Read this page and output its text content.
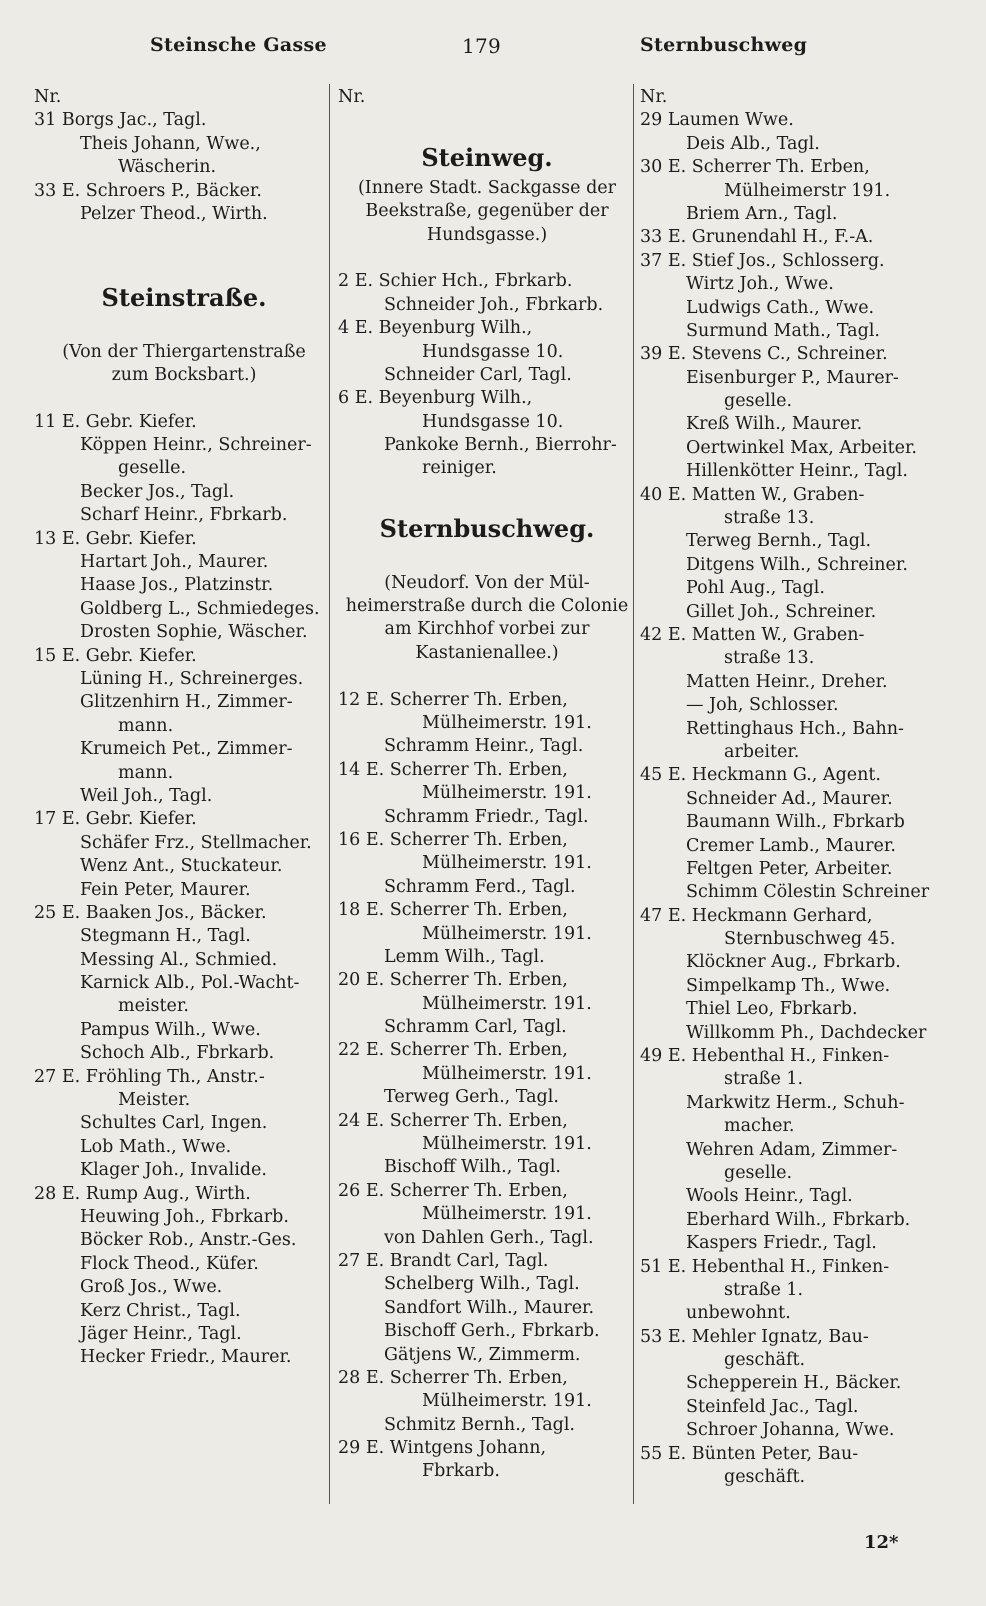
Steinsche Gasse	179	Sternbuschweg
Nr.
31 Borgs Jac., Tagl.
Theis Johann, Wwe.,
Wäscherin.
33 E. Schroers P., Bäcker.
Pelzer Theod., Wirth.
Steinstraße.
(Von der Thiergartenstraße
zum Bocksbart.)
11 E. Gebr. Kiefer.
Köppen Heinr., Schreiner-
geselle.
Becker Jos., Tagl.
Scharf Heinr., Fbrkarb.
13 E. Gebr. Kiefer.
Hartart Joh., Maurer.
Haase Jos., Platzinstr.
Goldberg L., Schmiedeges.
Drosten Sophie, Wäscher.
15 E. Gebr. Kiefer.
Lüning H., Schreinerges.
Glitzenhirn H., Zimmer-
mann.
Krumeich Pet., Zimmer-
mann.
Weil Joh., Tagl.
17 E. Gebr. Kiefer.
Schäfer Frz., Stellmacher.
Wenz Ant., Stuckateur.
Fein Peter, Maurer.
25 E. Baaken Jos., Bäcker.
Stegmann H., Tagl.
Messing Al., Schmied.
Karnick Alb., Pol.-Wacht-
meister.
Pampus Wilh., Wwe.
Schoch Alb., Fbrkarb.
27 E. Fröhling Th., Anstr.-
Meister.
Schultes Carl, Ingen.
Lob Math., Wwe.
Klager Joh., Invalide.
28 E. Rump Aug., Wirth.
Heuwing Joh., Fbrkarb.
Böcker Rob., Anstr.-Ges.
Flock Theod., Küfer.
Groß Jos., Wwe.
Kerz Christ., Tagl.
Jäger Heinr., Tagl.
Hecker Friedr., Maurer.
Nr.
Steinweg.
(Innere Stadt. Sackgasse der
Beekstraße, gegenüber der
Hundsgasse.)
2 E. Schier Hch., Fbrkarb.
Schneider Joh., Fbrkarb.
4 E. Beyenburg Wilh.,
Hundsgasse 10.
Schneider Carl, Tagl.
6 E. Beyenburg Wilh.,
Hundsgasse 10.
Pankoke Bernh., Bierrohr-
reiniger.
Sternbuschweg.
(Neudorf. Von der Mül-
heimerstraße durch die Colonie
am Kirchhof vorbei zur
Kastanienallee.)
12 E. Scherrer Th. Erben,
Mülheimerstr. 191.
Schramm Heinr., Tagl.
14 E. Scherrer Th. Erben,
Mülheimerstr. 191.
Schramm Friedr., Tagl.
16 E. Scherrer Th. Erben,
Mülheimerstr. 191.
Schramm Ferd., Tagl.
18 E. Scherrer Th. Erben,
Mülheimerstr. 191.
Lemm Wilh., Tagl.
20 E. Scherrer Th. Erben,
Mülheimerstr. 191.
Schramm Carl, Tagl.
22 E. Scherrer Th. Erben,
Mülheimerstr. 191.
Terweg Gerh., Tagl.
24 E. Scherrer Th. Erben,
Mülheimerstr. 191.
Bischoff Wilh., Tagl.
26 E. Scherrer Th. Erben,
Mülheimerstr. 191.
von Dahlen Gerh., Tagl.
27 E. Brandt Carl, Tagl.
Schelberg Wilh., Tagl.
Sandfort Wilh., Maurer.
Bischoff Gerh., Fbrkarb.
Gätjens W., Zimmerm.
28 E. Scherrer Th. Erben,
Mülheimerstr. 191.
Schmitz Bernh., Tagl.
29 E. Wintgens Johann,
Fbrkarb.
Nr.
29 Laumen Wwe.
Deis Alb., Tagl.
30 E. Scherrer Th. Erben,
Mülheimerstr 191.
Briem Arn., Tagl.
33 E. Grunendahl H., F.-A.
37 E. Stief Jos., Schlosserg.
Wirtz Joh., Wwe.
Ludwigs Cath., Wwe.
Surmund Math., Tagl.
39 E. Stevens C., Schreiner.
Eisenburger P., Maurer-
geselle.
Kreß Wilh., Maurer.
Oertwinkel Max, Arbeiter.
Hillenkötter Heinr., Tagl.
40 E. Matten W., Graben-
straße 13.
Terweg Bernh., Tagl.
Ditgens Wilh., Schreiner.
Pohl Aug., Tagl.
Gillet Joh., Schreiner.
42 E. Matten W., Graben-
straße 13.
Matten Heinr., Dreher.
— Joh, Schlosser.
Rettinghaus Hch., Bahn-
arbeiter.
45 E. Heckmann G., Agent.
Schneider Ad., Maurer.
Baumann Wilh., Fbrkarb
Cremer Lamb., Maurer.
Feltgen Peter, Arbeiter.
Schimm Cölestin Schreiner
47 E. Heckmann Gerhard,
Sternbuschweg 45.
Klöckner Aug., Fbrkarb.
Simpelkamp Th., Wwe.
Thiel Leo, Fbrkarb.
Willkomm Ph., Dachdecker
49 E. Hebenthal H., Finken-
straße 1.
Markwitz Herm., Schuh-
macher.
Wehren Adam, Zimmer-
geselle.
Wools Heinr., Tagl.
Eberhard Wilh., Fbrkarb.
Kaspers Friedr., Tagl.
51 E. Hebenthal H., Finken-
straße 1.
unbewohnt.
53 E. Mehler Ignatz, Bau-
geschäft.
Schepperein H., Bäcker.
Steinfeld Jac., Tagl.
Schroer Johanna, Wwe.
55 E. Bünten Peter, Bau-
geschäft.
12*
